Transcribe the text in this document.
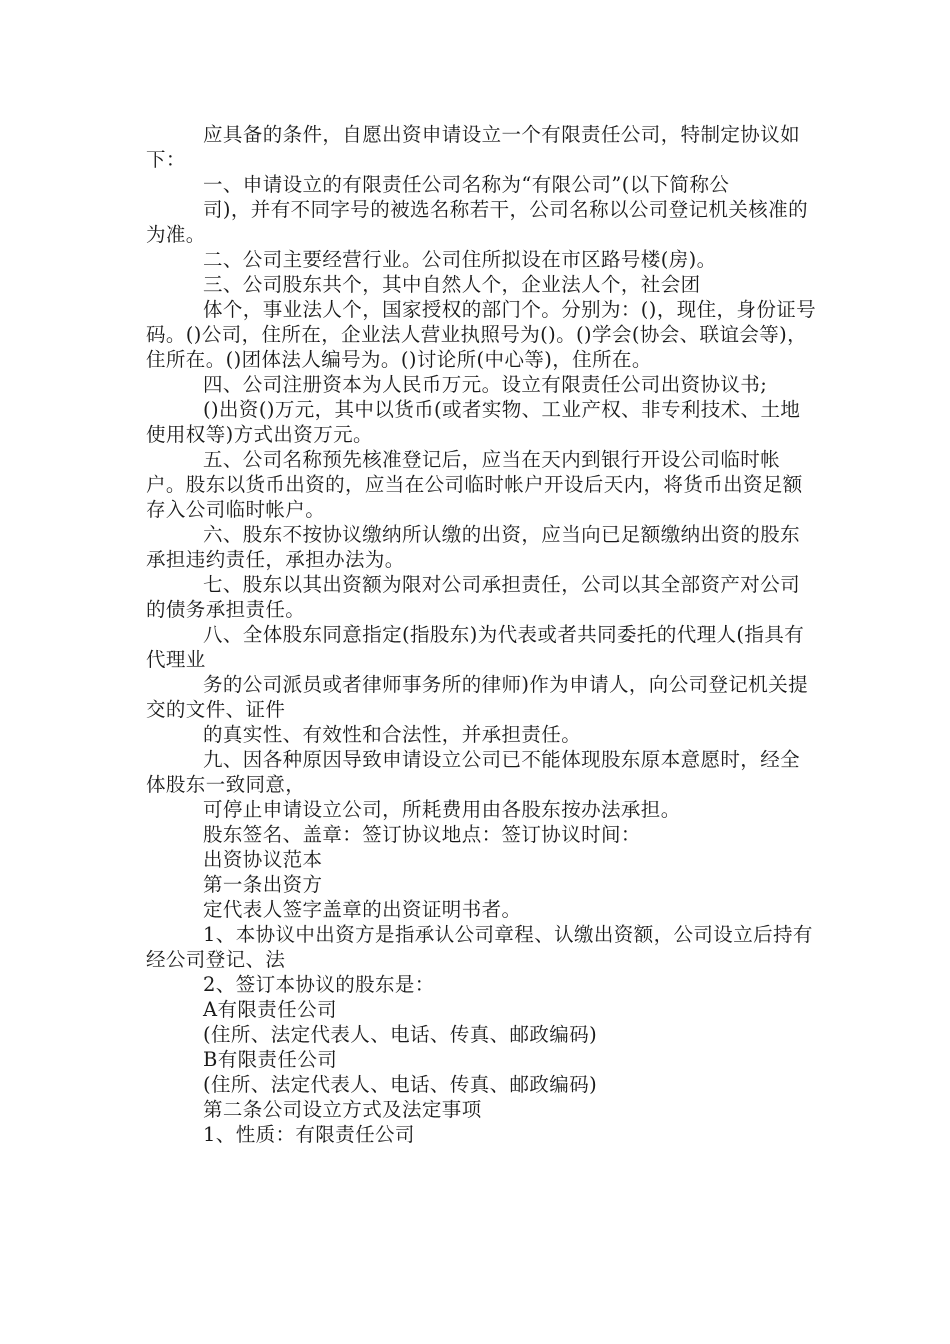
应具备的条件，自愿出资申请设立一个有限责任公司，特制定协议如下：

一、申请设立的有限责任公司名称为“有限公司”(以下简称公

司)，并有不同字号的被选名称若干，公司名称以公司登记机关核准的为准。

二、公司主要经营行业。公司住所拟设在市区路号楼(房)。

三、公司股东共个，其中自然人个，企业法人个，社会团

体个，事业法人个，国家授权的部门个。分别为：()，现住，身份证号码。()公司，住所在，企业法人营业执照号为()。()学会(协会、联谊会等)，住所在。()团体法人编号为。()讨论所(中心等)，住所在。

四、公司注册资本为人民币万元。设立有限责任公司出资协议书;

()出资()万元，其中以货币(或者实物、工业产权、非专利技术、土地使用权等)方式出资万元。

五、公司名称预先核准登记后，应当在天内到银行开设公司临时帐户。股东以货币出资的，应当在公司临时帐户开设后天内，将货币出资足额存入公司临时帐户。

六、股东不按协议缴纳所认缴的出资，应当向已足额缴纳出资的股东承担违约责任，承担办法为。

七、股东以其出资额为限对公司承担责任，公司以其全部资产对公司的债务承担责任。

八、全体股东同意指定(指股东)为代表或者共同委托的代理人(指具有代理业

务的公司派员或者律师事务所的律师)作为申请人，向公司登记机关提交的文件、证件

的真实性、有效性和合法性，并承担责任。

九、因各种原因导致申请设立公司已不能体现股东原本意愿时，经全体股东一致同意，

可停止申请设立公司，所耗费用由各股东按办法承担。

股东签名、盖章：签订协议地点：签订协议时间：

出资协议范本

第一条出资方

定代表人签字盖章的出资证明书者。

1、本协议中出资方是指承认公司章程、认缴出资额，公司设立后持有经公司登记、法

2、签订本协议的股东是：

A有限责任公司

(住所、法定代表人、电话、传真、邮政编码)

B有限责任公司

(住所、法定代表人、电话、传真、邮政编码)

第二条公司设立方式及法定事项

1、性质：有限责任公司
